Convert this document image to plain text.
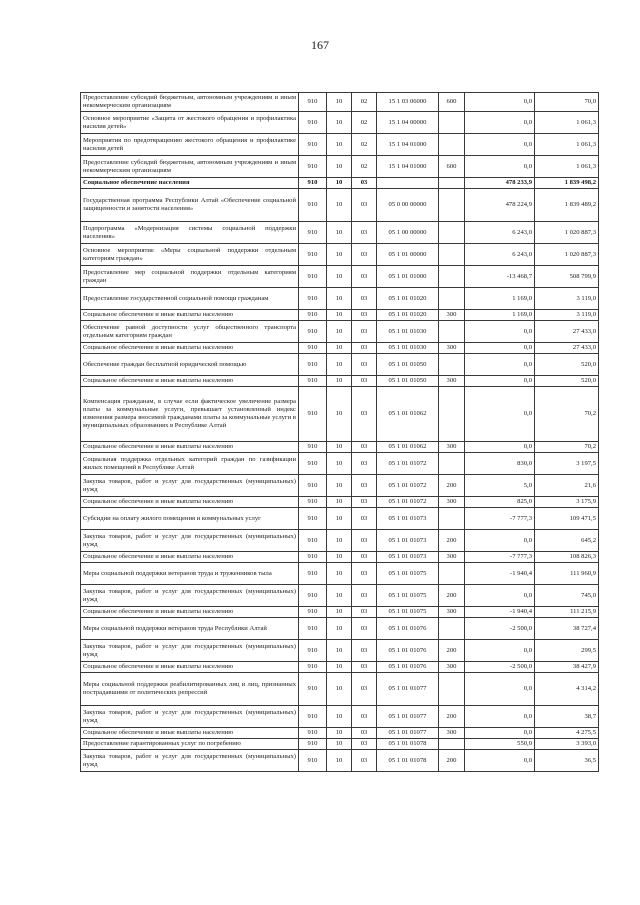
167
Предоставление субсидий бюджетным, автономным учреждениям и иным некоммерческим организациям	910	10	02	15 1 03 06000	600	0,0	70,0
Основное мероприятие «Защита от жестокого обращения и профилактика насилия детей»	910	10	02	15 1 04 00000		0,0	1 061,3
Мероприятия по предотвращению жестокого обращения и профилактике насилия детей	910	10	02	15 1 04 01000		0,0	1 061,3
Предоставление субсидий бюджетным, автономным учреждениям и иным некоммерческим организациям	910	10	02	15 1 04 01000	600	0,0	1 061,3
Социальное обеспечение населения	910	10	03			478 233,9	1 839 498,2
Государственная программа Республики Алтай «Обеспечение социальной защищенности и занятости населения»	910	10	03	05 0 00 00000		478 224,9	1 839 489,2
Подпрограмма «Модернизация системы социальной поддержки населения»	910	10	03	05 1 00 00000		6 243,0	1 020 887,3
Основное мероприятие «Меры социальной поддержки отдельным категориям граждан»	910	10	03	05 1 01 00000		6 243,0	1 020 887,3
Предоставление мер социальной поддержки отдельным категориям граждан	910	10	03	05 1 01 01000		-13 468,7	508 799,9
Предоставление государственной социальной помощи гражданам	910	10	03	05 1 01 01020		1 169,0	3 119,0
Социальное обеспечение и иные выплаты населению	910	10	03	05 1 01 01020	300	1 169,0	3 119,0
Обеспечение равной доступности услуг общественного транспорта отдельным категориям граждан	910	10	03	05 1 01 01030		0,0	27 433,0
Социальное обеспечение и иные выплаты населению	910	10	03	05 1 01 01030	300	0,0	27 433,0
Обеспечение граждан бесплатной юридической помощью	910	10	03	05 1 01 01050		0,0	520,0
Социальное обеспечение и иные выплаты населению	910	10	03	05 1 01 01050	300	0,0	520,0
Компенсация гражданам, в случае если фактическое увеличение размера платы за коммунальные услуги, превышает установленный индекс изменения размера вносимой гражданами платы за коммунальные услуги в муниципальных образованиях в Республике Алтай	910	10	03	05 1 01 01062		0,0	70,2
Социальное обеспечение и иные выплаты населению	910	10	03	05 1 01 01062	300	0,0	70,2
Социальная поддержка отдельных категорий граждан по газификации жилых помещений в Республике Алтай	910	10	03	05 1 01 01072		830,0	3 197,5
Закупка товаров, работ и услуг для государственных (муниципальных) нужд	910	10	03	05 1 01 01072	200	5,0	21,6
Социальное обеспечение и иные выплаты населению	910	10	03	05 1 01 01072	300	825,0	3 175,9
Субсидии на оплату жилого помещения и коммунальных услуг	910	10	03	05 1 01 01073		-7 777,3	109 471,5
Закупка товаров, работ и услуг для государственных (муниципальных) нужд	910	10	03	05 1 01 01073	200	0,0	645,2
Социальное обеспечение и иные выплаты населению	910	10	03	05 1 01 01073	300	-7 777,3	108 826,3
Меры социальной поддержки ветеранов труда и труженников тыла	910	10	03	05 1 01 01075		-1 940,4	111 960,9
Закупка товаров, работ и услуг для государственных (муниципальных) нужд	910	10	03	05 1 01 01075	200	0,0	745,0
Социальное обеспечение и иные выплаты населению	910	10	03	05 1 01 01075	300	-1 940,4	111 215,9
Меры социальной поддержки ветеранов труда Республики Алтай	910	10	03	05 1 01 01076		-2 500,0	38 727,4
Закупка товаров, работ и услуг для государственных (муниципальных) нужд	910	10	03	05 1 01 01076	200	0,0	299,5
Социальное обеспечение и иные выплаты населению	910	10	03	05 1 01 01076	300	-2 500,0	38 427,9
Меры социальной поддержки реабилитированных лиц и лиц, признанных пострадавшими от политических репрессий	910	10	03	05 1 01 01077		0,0	4 314,2
Закупка товаров, работ и услуг для государственных (муниципальных) нужд	910	10	03	05 1 01 01077	200	0,0	38,7
Социальное обеспечение и иные выплаты населению	910	10	03	05 1 01 01077	300	0,0	4 275,5
Предоставление гарантированных услуг по погребению	910	10	03	05 1 01 01078		550,0	3 393,0
Закупка товаров, работ и услуг для государственных (муниципальных) нужд	910	10	03	05 1 01 01078	200	0,0	36,5
